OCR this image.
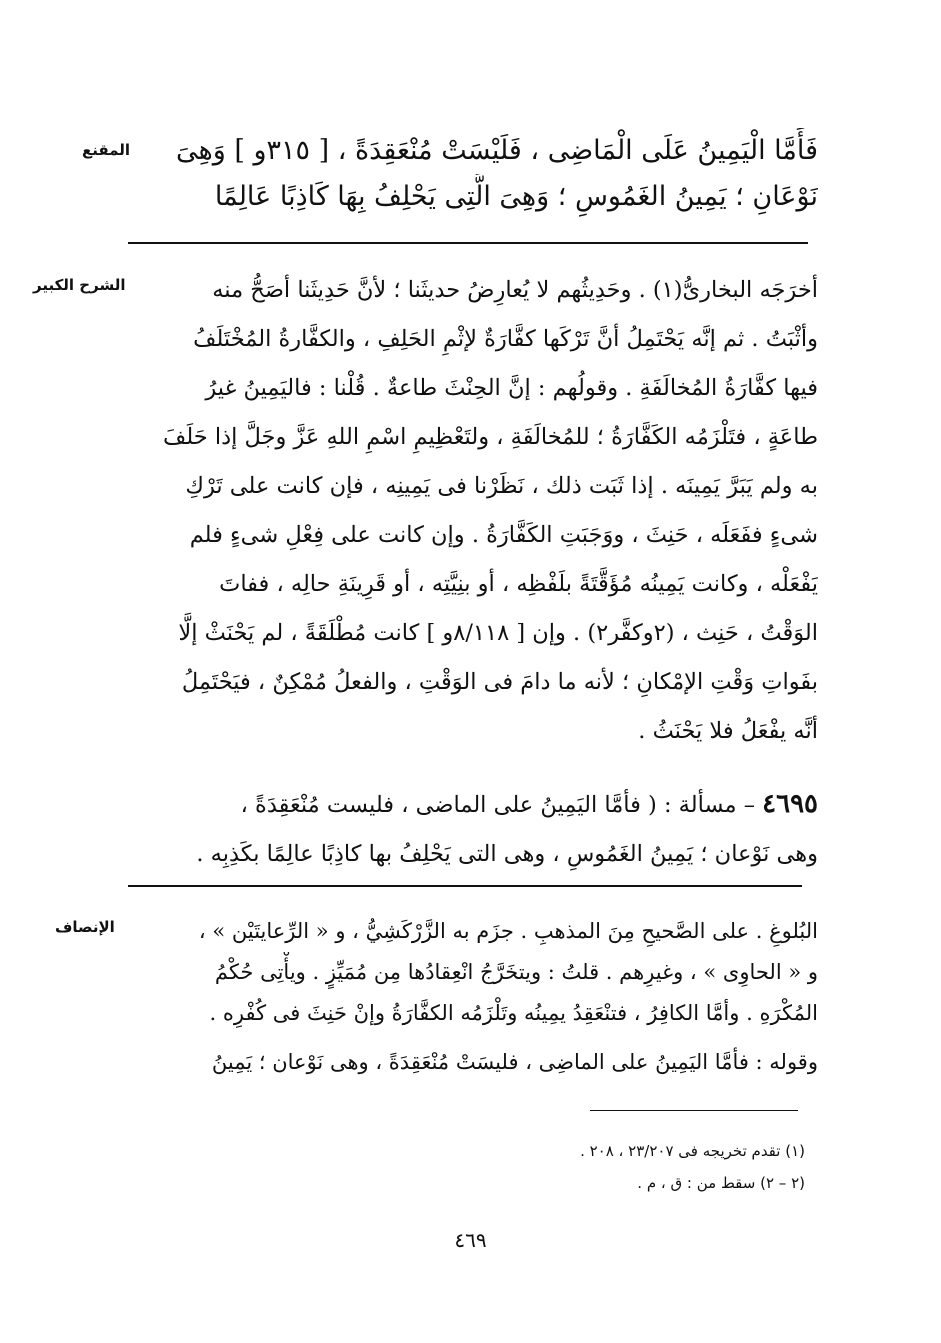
المقنع	فَأَمَّا الْيَمِينُ عَلَى الْمَاضِى ، فَلَيْسَتْ مُنْعَقِدَةً ، [ ٣١٥و ] وَهِىَ

نَوْعَانِ ؛ يَمِينُ الغَمُوسِ ؛ وَهِىَ الَّتِى يَحْلِفُ بِهَا كَاذِبًا عَالِمًا

الشرح الكبير	أخرَجَه البخارىُّ(١) . وحَدِيثُهم لا يُعارِضُ حديثَنا ؛ لأنَّ حَدِيثَنا أصَحُّ منه

وأثْبَتُ . ثم إنَّه يَحْتَمِلُ أنَّ تَرْكَها كفَّارَةٌ لإثْمِ الحَلِفِ ، والكفَّارةُ المُخْتَلَفُ

فيها كفَّارَةُ المُخالَفَةِ . وقولُهم : إنَّ الحِنْثَ طاعةٌ . قُلْنا : فاليَمِينُ غيرُ

طاعَةٍ ، فتَلْزَمُه الكَفَّارَةُ ؛ للمُخالَفَةِ ، ولتَعْظِيمِ اسْمِ اللهِ عَزَّ وجَلَّ إذا حَلَفَ

به ولم يَبَرَّ يَمِينَه . إذا ثَبَت ذلك ، نَظَرْنا فى يَمِينِه ، فإن كانت على تَرْكِ

شىءٍ ففَعَلَه ، حَنِثَ ، ووَجَبَتِ الكَفَّارَةُ . وإن كانت على فِعْلِ شىءٍ فلم

يَفْعَلْه ، وكانت يَمِينُه مُؤَقَّتَةً بلَفْظِه ، أو بنِيَّتِه ، أو قَرِينَةِ حالِه ، ففاتَ

الوَقْتُ ، حَنِث ، (٢وكفَّر٢) . وإن [ ٨/١١٨و ] كانت مُطْلَقَةً ، لم يَحْنَثْ إلَّا

بفَواتِ وَقْتِ الإمْكانِ ؛ لأنه ما دامَ فى الوَقْتِ ، والفعلُ مُمْكِنٌ ، فيَحْتَمِلُ

أنَّه يفْعَلُ فلا يَحْنَثُ .

٤٦٩٥ – مسألة : ( فأمَّا اليَمِينُ على الماضى ، فليست مُنْعَقِدَةً ،

وهى نَوْعان ؛ يَمِينُ الغَمُوسِ ، وهى التى يَحْلِفُ بها كاذِبًا عالِمًا بكَذِبِه .

الإنصاف	البُلوغِ . على الصَّحيحِ مِنَ المذهبِ . جزَم به الزَّرْكَشِيُّ ، و « الرِّعايتَيْن » ،

و « الحاوِى » ، وغيرِهم . قلتُ : ويتخَرَّجُ انْعِقادُها مِن مُمَيِّزٍ . ويأْتِى حُكْمُ

المُكْرَهِ . وأمَّا الكافِرُ ، فتنْعَقِدُ يمِينُه وتَلْزَمُه الكفَّارَةُ وإنْ حَنِثَ فى كُفْرِه .

وقوله : فأمَّا اليَمِينُ على الماضِى ، فليسَتْ مُنْعَقِدَةً ، وهى نَوْعان ؛ يَمِينُ

(١) تقدم تخريجه فى ٢٣/٢٠٧ ، ٢٠٨ .

(٢ – ٢) سقط من : ق ، م .

٤٦٩
